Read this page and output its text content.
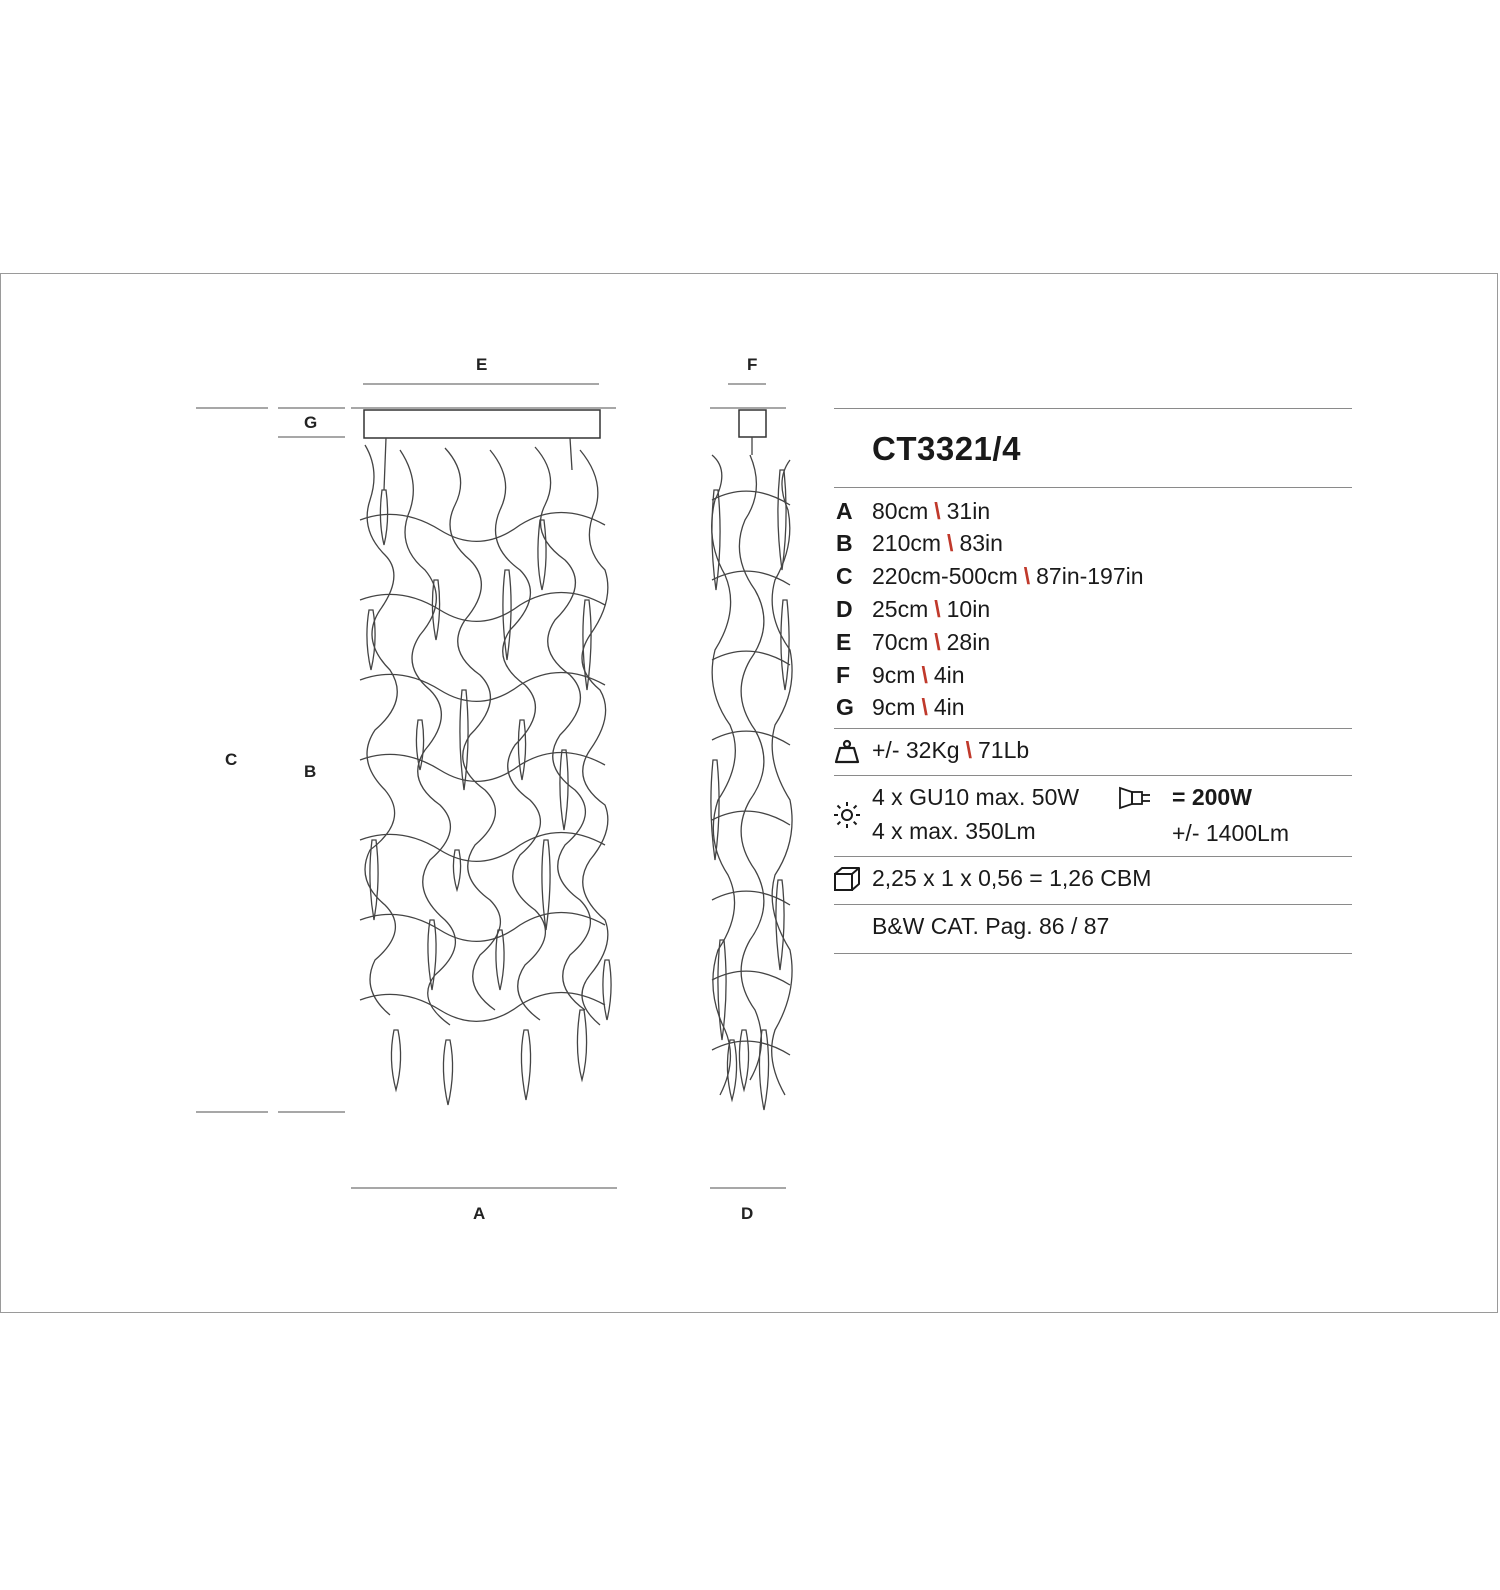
E	F
G
C
B
A	D
CT3321/4
A 80cm \ 31in
B 210cm \ 83in
C 220cm-500cm \ 87in-197in
D 25cm \ 10in
E 70cm \ 28in
F 9cm \ 4in
G 9cm \ 4in
+/- 32Kg \ 71Lb
4 x GU10 max. 50W
4 x max. 350Lm
= 200W
+/- 1400Lm
2,25 x 1 x 0,56 = 1,26 CBM
B&W CAT. Pag. 86 / 87
